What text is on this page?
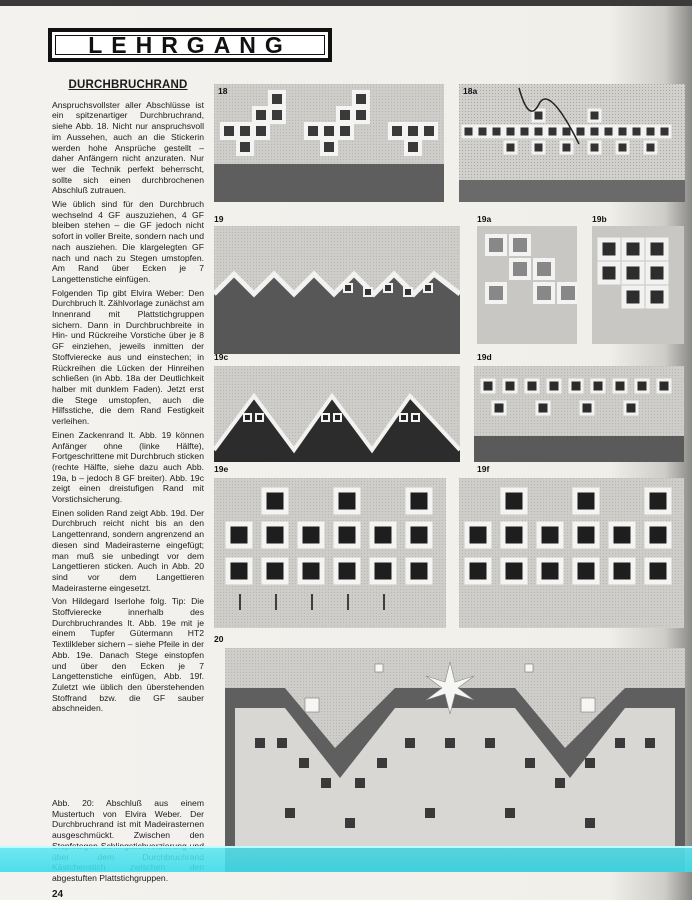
LEHRGANG
DURCHBRUCHRAND

Anspruchsvollster aller Abschlüsse ist ein spitzenartiger Durchbruchrand, siehe Abb. 18. Nicht nur anspruchsvoll im Aussehen, auch an die Stickerin werden hohe Ansprüche gestellt – daher Anfängern nicht anzuraten. Nur wer die Technik perfekt beherrscht, sollte sich einen durchbrochenen Abschluß zutrauen.

Wie üblich sind für den Durchbruch wechselnd 4 GF auszuziehen, 4 GF bleiben stehen – die GF jedoch nicht sofort in voller Breite, sondern nach und nach ausziehen. Die klargelegten GF nach und nach zu Stegen umstopfen. Am Rand über Ecken je 7 Langettenstiche einfügen.

Folgenden Tip gibt Elvira Weber: Den Durchbruch lt. Zählvorlage zunächst am Innenrand mit Plattstichgruppen sichern. Dann in Durchbruchbreite in Hin- und Rückreihe Vorstiche über je 8 GF einziehen, jeweils inmitten der Stoffvierecke aus und einstechen; in Rückreihen die Lücken der Hinreihen schließen (in Abb. 18a der Deutlichkeit halber mit dunklem Faden). Jetzt erst die Stege umstopfen, auch die Hilfsstiche, die dem Rand Festigkeit verleihen.

Einen Zackenrand lt. Abb. 19 können Anfänger ohne (linke Hälfte), Fortgeschrittene mit Durchbruch sticken (rechte Hälfte, siehe dazu auch Abb. 19a, b – jedoch 8 GF breiter). Abb. 19c zeigt einen dreistufigen Rand mit Vorstichsicherung.

Einen soliden Rand zeigt Abb. 19d. Der Durchbruch reicht nicht bis an den Langettenrand, sondern angrenzend an diesen sind Madeirasterne eingefügt; man muß sie unbedingt vor dem Langettieren sticken. Auch in Abb. 20 sind vor dem Langettieren Madeirasterne eingesetzt.

Von Hildegard Iserlohe folg. Tip: Die Stoffvierecke innerhalb des Durchbruchrandes lt. Abb. 19e mit je einem Tupfer Gütermann HT2 Textilkleber sichern – siehe Pfeile in der Abb. 19e. Danach Stege einstopfen und über den Ecken je 7 Langettenstiche einfügen, Abb. 19f. Zuletzt wie üblich den überstehenden Stoffrand bzw. die GF sauber abschneiden.

Abb. 20: Abschluß aus einem Mustertuch von Elvira Weber. Der Durchbruchrand ist mit Madeirasternen ausgeschmückt. Zwischen den abgestuften Plattstichgruppen.
18	18a
19	19a	19b
19c	19d
19e	19f
20
24
